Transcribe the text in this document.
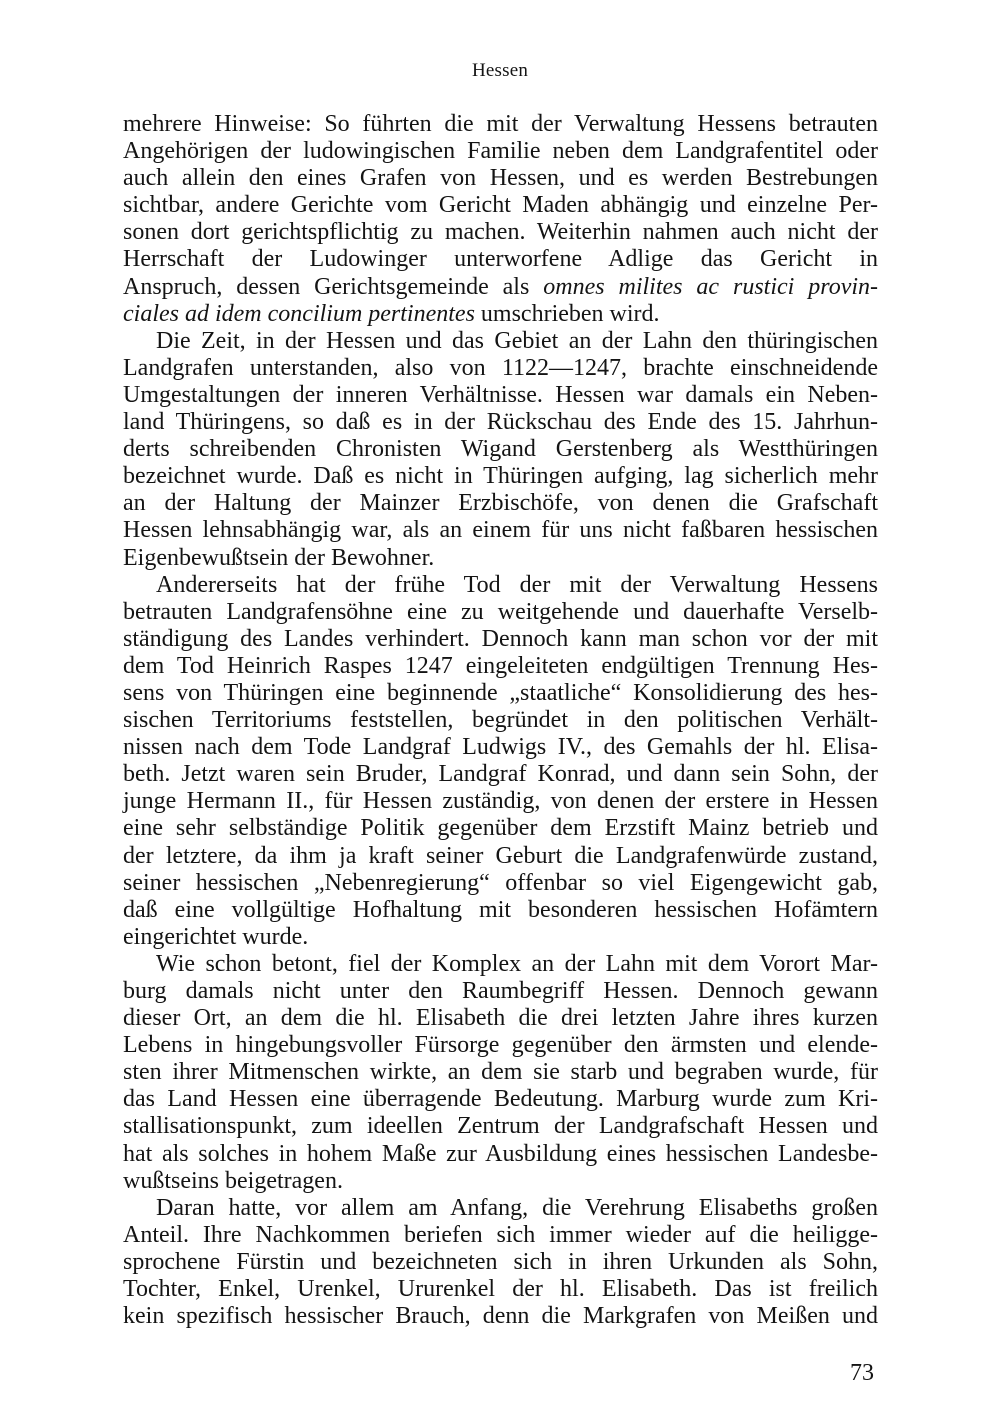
Hessen
mehrere Hinweise: So führten die mit der Verwaltung Hessens betrauten
Angehörigen der ludowingischen Familie neben dem Landgrafentitel oder
auch allein den eines Grafen von Hessen, und es werden Bestrebungen
sichtbar, andere Gerichte vom Gericht Maden abhängig und einzelne Per-
sonen dort gerichtspflichtig zu machen. Weiterhin nahmen auch nicht der
Herrschaft der Ludowinger unterworfene Adlige das Gericht in
Anspruch, dessen Gerichtsgemeinde als omnes milites ac rustici provin-
ciales ad idem concilium pertinentes umschrieben wird.
Die Zeit, in der Hessen und das Gebiet an der Lahn den thüringischen
Landgrafen unterstanden, also von 1122—1247, brachte einschneidende
Umgestaltungen der inneren Verhältnisse. Hessen war damals ein Neben-
land Thüringens, so daß es in der Rückschau des Ende des 15. Jahrhun-
derts schreibenden Chronisten Wigand Gerstenberg als Westthüringen
bezeichnet wurde. Daß es nicht in Thüringen aufging, lag sicherlich mehr
an der Haltung der Mainzer Erzbischöfe, von denen die Grafschaft
Hessen lehnsabhängig war, als an einem für uns nicht faßbaren hessischen
Eigenbewußtsein der Bewohner.
Andererseits hat der frühe Tod der mit der Verwaltung Hessens
betrauten Landgrafensöhne eine zu weitgehende und dauerhafte Verselb-
ständigung des Landes verhindert. Dennoch kann man schon vor der mit
dem Tod Heinrich Raspes 1247 eingeleiteten endgültigen Trennung Hes-
sens von Thüringen eine beginnende „staatliche“ Konsolidierung des hes-
sischen Territoriums feststellen, begründet in den politischen Verhält-
nissen nach dem Tode Landgraf Ludwigs IV., des Gemahls der hl. Elisa-
beth. Jetzt waren sein Bruder, Landgraf Konrad, und dann sein Sohn, der
junge Hermann II., für Hessen zuständig, von denen der erstere in Hessen
eine sehr selbständige Politik gegenüber dem Erzstift Mainz betrieb und
der letztere, da ihm ja kraft seiner Geburt die Landgrafenwürde zustand,
seiner hessischen „Nebenregierung“ offenbar so viel Eigengewicht gab,
daß eine vollgültige Hofhaltung mit besonderen hessischen Hofämtern
eingerichtet wurde.
Wie schon betont, fiel der Komplex an der Lahn mit dem Vorort Mar-
burg damals nicht unter den Raumbegriff Hessen. Dennoch gewann
dieser Ort, an dem die hl. Elisabeth die drei letzten Jahre ihres kurzen
Lebens in hingebungsvoller Fürsorge gegenüber den ärmsten und elende-
sten ihrer Mitmenschen wirkte, an dem sie starb und begraben wurde, für
das Land Hessen eine überragende Bedeutung. Marburg wurde zum Kri-
stallisationspunkt, zum ideellen Zentrum der Landgrafschaft Hessen und
hat als solches in hohem Maße zur Ausbildung eines hessischen Landesbe-
wußtseins beigetragen.
Daran hatte, vor allem am Anfang, die Verehrung Elisabeths großen
Anteil. Ihre Nachkommen beriefen sich immer wieder auf die heiligge-
sprochene Fürstin und bezeichneten sich in ihren Urkunden als Sohn,
Tochter, Enkel, Urenkel, Ururenkel der hl. Elisabeth. Das ist freilich
kein spezifisch hessischer Brauch, denn die Markgrafen von Meißen und
73
